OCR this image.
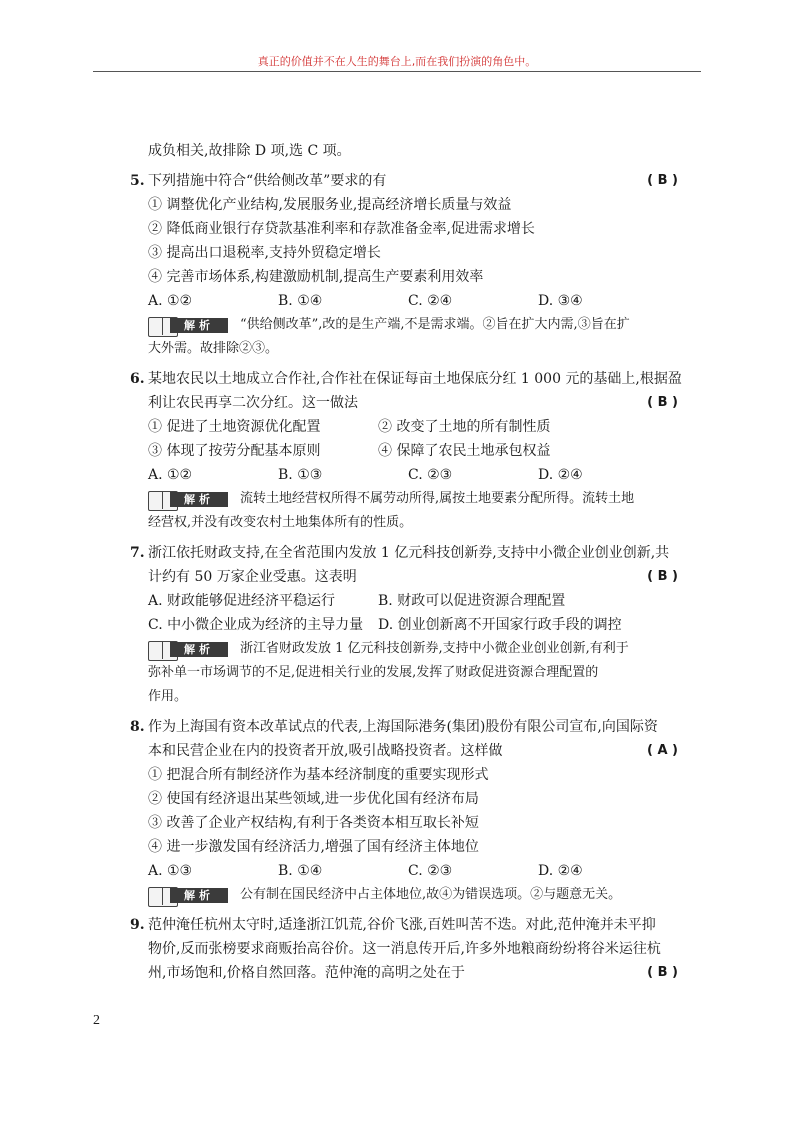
真正的价值并不在人生的舞台上,而在我们扮演的角色中。
成负相关,故排除 D 项,选 C 项。
5. 下列措施中符合“供给侧改革”要求的有	( B )
① 调整优化产业结构,发展服务业,提高经济增长质量与效益
② 降低商业银行存贷款基准利率和存款准备金率,促进需求增长
③ 提高出口退税率,支持外贸稳定增长
④ 完善市场体系,构建激励机制,提高生产要素利用效率
A. ①②	B. ①④	C. ②④	D. ③④
解析	“供给侧改革”,改的是生产端,不是需求端。②旨在扩大内需,③旨在扩
大外需。故排除②③。
6. 某地农民以土地成立合作社,合作社在保证每亩土地保底分红 1 000 元的基础上,根据盈
利让农民再享二次分红。这一做法	( B )
① 促进了土地资源优化配置	② 改变了土地的所有制性质
③ 体现了按劳分配基本原则	④ 保障了农民土地承包权益
A. ①②	B. ①③	C. ②③	D. ②④
解析	流转土地经营权所得不属劳动所得,属按土地要素分配所得。流转土地
经营权,并没有改变农村土地集体所有的性质。
7. 浙江依托财政支持,在全省范围内发放 1 亿元科技创新券,支持中小微企业创业创新,共
计约有 50 万家企业受惠。这表明	( B )
A. 财政能够促进经济平稳运行	B. 财政可以促进资源合理配置
C. 中小微企业成为经济的主导力量	D. 创业创新离不开国家行政手段的调控
解析	浙江省财政发放 1 亿元科技创新券,支持中小微企业创业创新,有利于
弥补单一市场调节的不足,促进相关行业的发展,发挥了财政促进资源合理配置的
作用。
8. 作为上海国有资本改革试点的代表,上海国际港务(集团)股份有限公司宣布,向国际资
本和民营企业在内的投资者开放,吸引战略投资者。这样做	( A )
① 把混合所有制经济作为基本经济制度的重要实现形式
② 使国有经济退出某些领域,进一步优化国有经济布局
③ 改善了企业产权结构,有利于各类资本相互取长补短
④ 进一步激发国有经济活力,增强了国有经济主体地位
A. ①③	B. ①④	C. ②③	D. ②④
解析	公有制在国民经济中占主体地位,故④为错误选项。②与题意无关。
9. 范仲淹任杭州太守时,适逢浙江饥荒,谷价飞涨,百姓叫苦不迭。对此,范仲淹并未平抑
物价,反而张榜要求商贩抬高谷价。这一消息传开后,许多外地粮商纷纷将谷米运往杭
州,市场饱和,价格自然回落。范仲淹的高明之处在于	( B )
2
